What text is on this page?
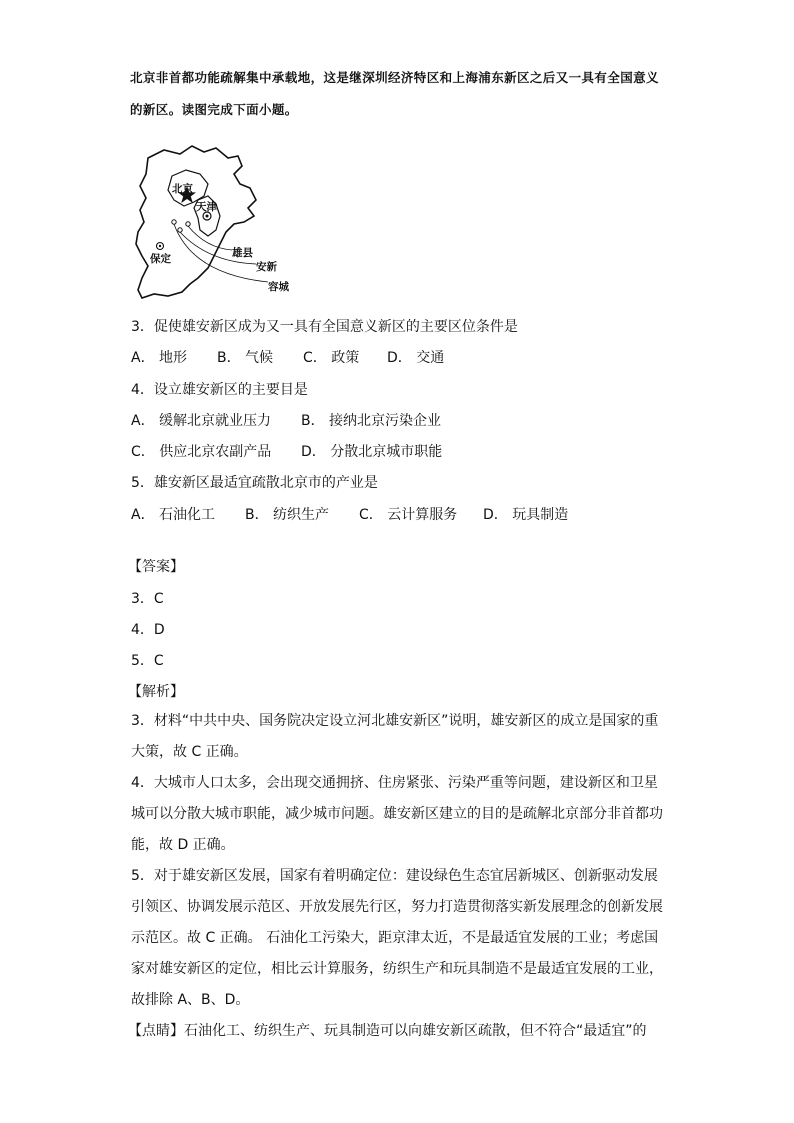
北京非首都功能疏解集中承载地，这是继深圳经济特区和上海浦东新区之后又一具有全国意义的新区。读图完成下面小题。
北京
天津
保定	雄县
安新
容城
3．促使雄安新区成为又一具有全国意义新区的主要区位条件是
A． 地形 B． 气候 C． 政策 D． 交通
4．设立雄安新区的主要目是
A． 缓解北京就业压力 B． 接纳北京污染企业
C． 供应北京农副产品 D． 分散北京城市职能
5．雄安新区最适宜疏散北京市的产业是
A． 石油化工 B． 纺织生产 C． 云计算服务 D． 玩具制造
【答案】
3．C
4．D
5．C
【解析】
3．材料“中共中央、国务院决定设立河北雄安新区”说明，雄安新区的成立是国家的重大策，故 C 正确。
4．大城市人口太多，会出现交通拥挤、住房紧张、污染严重等问题，建设新区和卫星城可以分散大城市职能，减少城市问题。雄安新区建立的目的是疏解北京部分非首都功能，故 D 正确。
5．对于雄安新区发展，国家有着明确定位：建设绿色生态宜居新城区、创新驱动发展引领区、协调发展示范区、开放发展先行区，努力打造贯彻落实新发展理念的创新发展示范区。故 C 正确。 石油化工污染大，距京津太近，不是最适宜发展的工业；考虑国家对雄安新区的定位，相比云计算服务，纺织生产和玩具制造不是最适宜发展的工业，故排除 A、B、D。
【点睛】石油化工、纺织生产、玩具制造可以向雄安新区疏散，但不符合“最适宜”的
